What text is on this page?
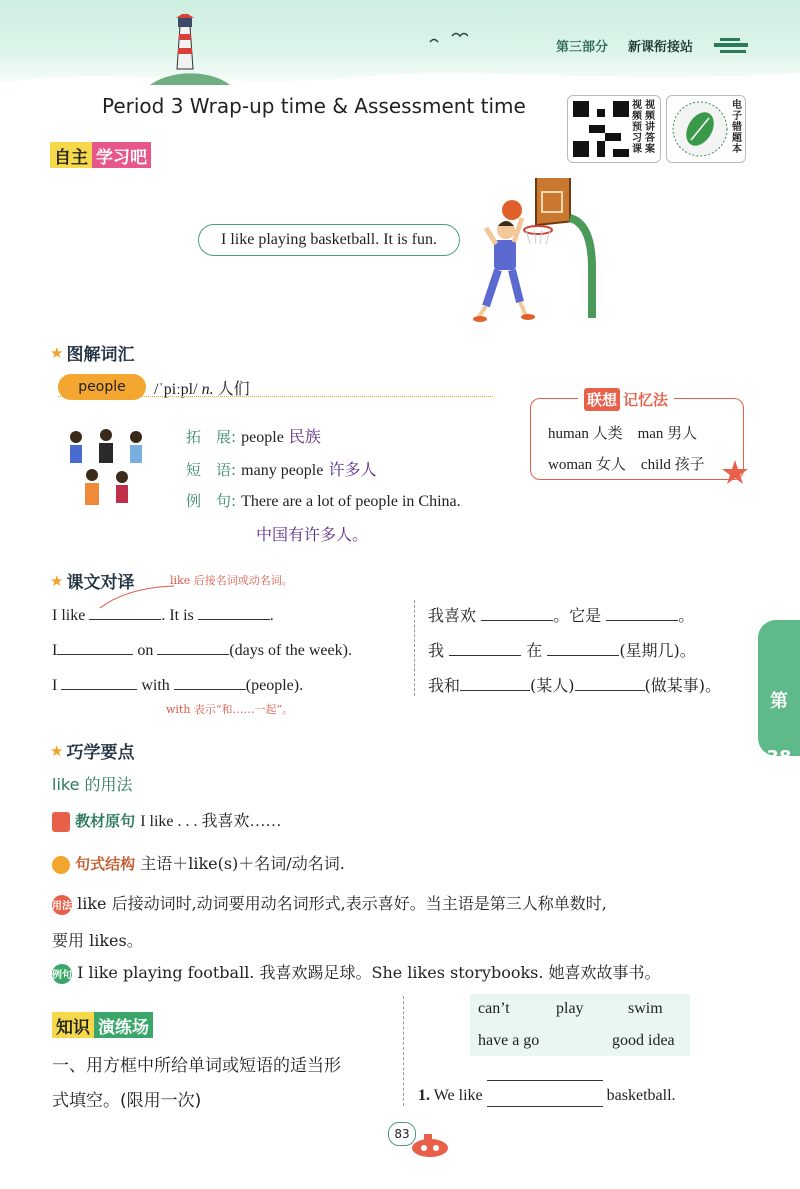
第三部分 新课衔接站
Period 3 Wrap-up time & Assessment time	视
频
预
习
课
视
频
讲
答
案
电
子
错
题
本
自主 学习吧
I like playing basketball. It is fun.
★ 图解词汇
people	/ˈpiːpl/ n. 人们
拓　展: people 民族
短　语: many people 许多人
例　句: There are a lot of people in China.
中国有许多人。
联想 记忆法
human 人类　man 男人
woman 女人　child 孩子
★ 课文对译	like 后接名词或动名词。
I like	. It is	.
I	on	(days of the week).
I	with	(people).
with 表示“和……一起”。
我喜欢	。它是	。
我	在	(星期几)。
我和	(某人)	(做某事)。
第
38
天
★ 巧学要点
like 的用法
教材原句 I like . . . 我喜欢……
句式结构 主语＋like(s)＋名词/动名词.
用法 like 后接动词时,动词要用动名词形式,表示喜好。当主语是第三人称单数时,
要用 likes。
例句 I like playing football. 我喜欢踢足球。She likes storybooks. 她喜欢故事书。
知识 演练场
一、用方框中所给单词或短语的适当形
式填空。(限用一次)
can’t	play	swim
have a go	good idea
1. We like	basketball.
83
